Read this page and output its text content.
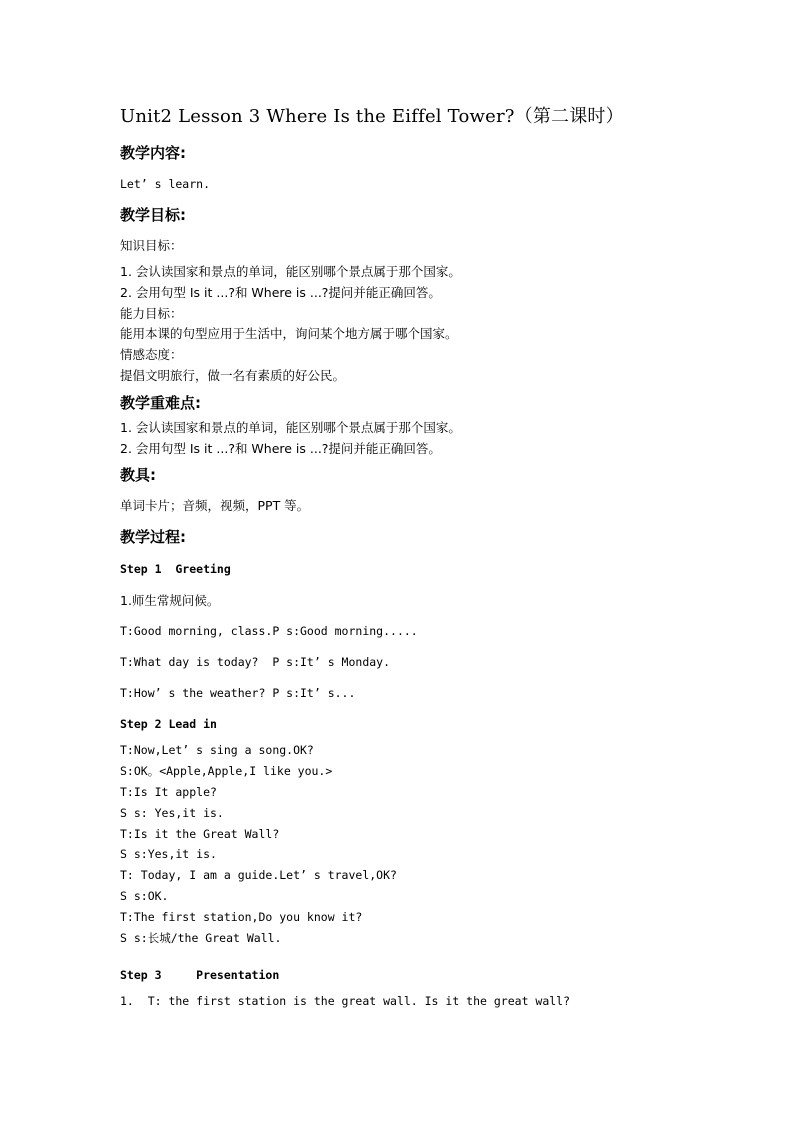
Unit2 Lesson 3 Where Is the Eiffel Tower?（第二课时）
教学内容:
Let’ s learn.
教学目标:
知识目标：
1. 会认读国家和景点的单词，能区别哪个景点属于那个国家。
2. 会用句型 Is it ...?和 Where is ...?提问并能正确回答。
能力目标：
能用本课的句型应用于生活中，询问某个地方属于哪个国家。
情感态度：
提倡文明旅行，做一名有素质的好公民。
教学重难点:
1. 会认读国家和景点的单词，能区别哪个景点属于那个国家。
2. 会用句型 Is it ...?和 Where is ...?提问并能正确回答。
教具:
单词卡片；音频，视频，PPT 等。
教学过程:
Step 1  Greeting
1.师生常规问候。
T:Good morning, class.P s:Good morning.....
T:What day is today?  P s:It’ s Monday.
T:How’ s the weather? P s:It’ s...
Step 2 Lead in
T:Now,Let’ s sing a song.OK?
S:OK。<Apple,Apple,I like you.>
T:Is It apple?
S s: Yes,it is.
T:Is it the Great Wall?
S s:Yes,it is.
T: Today, I am a guide.Let’ s travel,OK?
S s:OK.
T:The first station,Do you know it?
S s:长城/the Great Wall.
Step 3     Presentation
1.  T: the first station is the great wall. Is it the great wall?
